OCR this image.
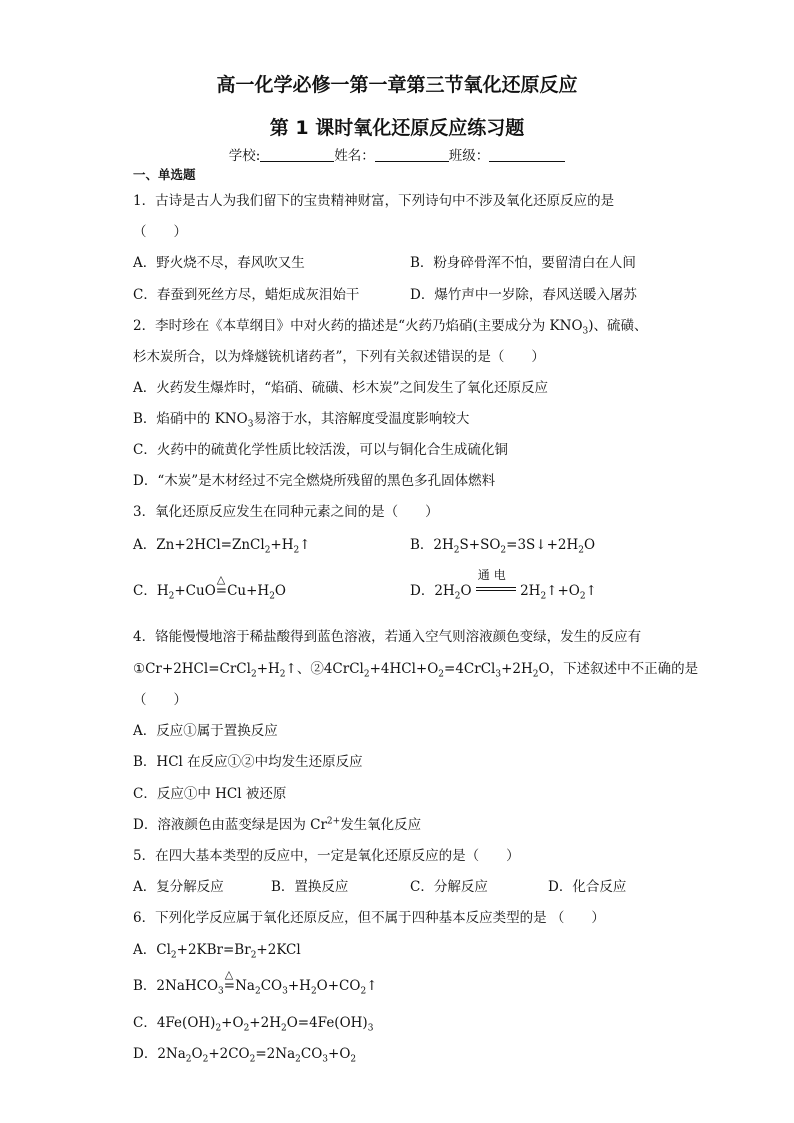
高一化学必修一第一章第三节氧化还原反应
第 1 课时氧化还原反应练习题
学校:	姓名：	班级：
一、单选题
1．古诗是古人为我们留下的宝贵精神财富，下列诗句中不涉及氧化还原反应的是
（　　）
A．野火烧不尽，春风吹又生	B．粉身碎骨浑不怕，要留清白在人间
C．春蚕到死丝方尽，蜡炬成灰泪始干	D．爆竹声中一岁除，春风送暖入屠苏
2．李时珍在《本草纲目》中对火药的描述是“火药乃焰硝(主要成分为 $KNO_3$)、硫磺、
杉木炭所合，以为烽燧铳机诸药者”，下列有关叙述错误的是（　　）
A．火药发生爆炸时，“焰硝、硫磺、杉木炭”之间发生了氧化还原反应
B．焰硝中的 $KNO_3$易溶于水，其溶解度受温度影响较大
C．火药中的硫黄化学性质比较活泼，可以与铜化合生成硫化铜
D．“木炭”是木材经过不完全燃烧所残留的黑色多孔固体燃料
3．氧化还原反应发生在同种元素之间的是（　　）
A．$Zn+2HCl=ZnCl_2+H_2↑$	B．$2H_2S+SO_2=3S↓+2H_2O$
C．$H_2+CuO$
△
$=Cu+H_2O$	D．$2H_2O$
通电
$2H_2↑+O_2↑$
4．铬能慢慢地溶于稀盐酸得到蓝色溶液，若通入空气则溶液颜色变绿，发生的反应有
$①Cr+2HCl=CrCl_2+H_2↑$、$②4CrCl_2+4HCl+O_2=4CrCl_3+2H_2O$，下述叙述中不正确的是
（　　）
A．反应①属于置换反应
B．HCl 在反应①②中均发生还原反应
C．反应①中 HCl 被还原
D．溶液颜色由蓝变绿是因为 $Cr^{2+}$发生氧化反应
5．在四大基本类型的反应中，一定是氧化还原反应的是（　　）
A．复分解反应	B．置换反应	C．分解反应	D．化合反应
6．下列化学反应属于氧化还原反应，但不属于四种基本反应类型的是 （　　）
A．$Cl_2+2KBr=Br_2+2KCl$
B．2NaHCO$_3$
△
$=Na_2CO_3+H_2O+CO_2↑$
C．$4Fe(OH)_2+O_2+2H_2O=4Fe(OH)_3$
D．$2Na_2O_2+2CO_2=2Na_2CO_3+O_2$
